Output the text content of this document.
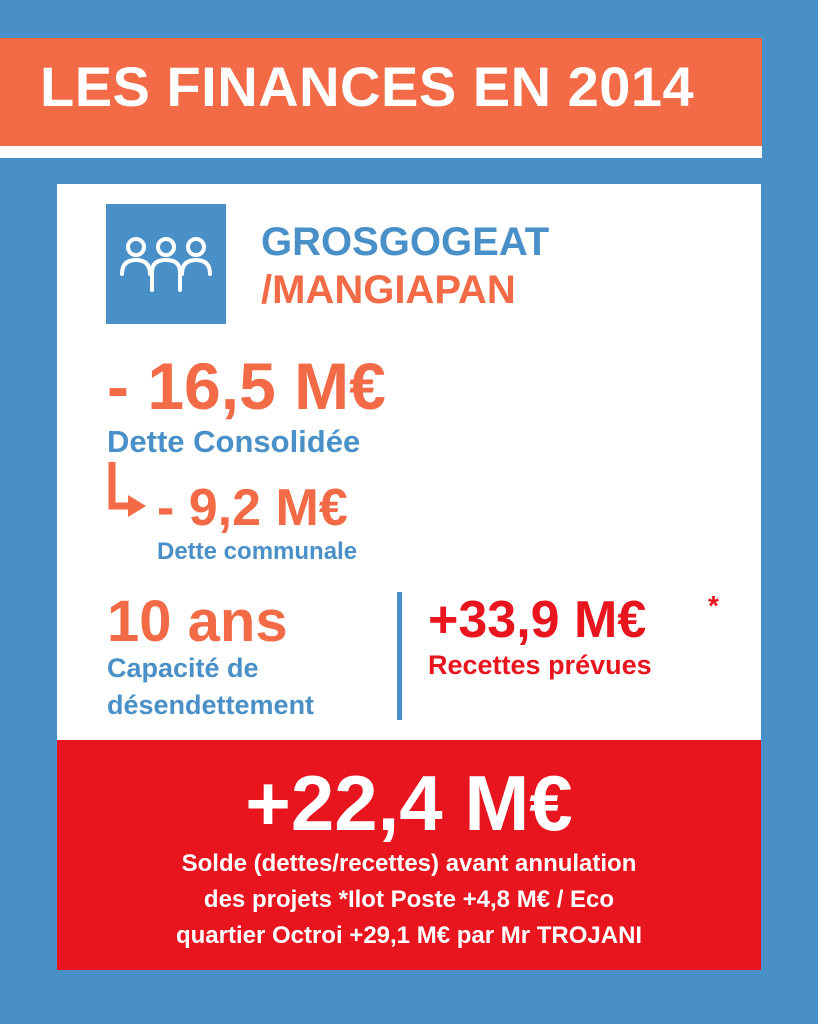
LES FINANCES EN 2014
GROSGOGEAT
/MANGIAPAN
- 16,5 M€
Dette Consolidée
- 9,2 M€
Dette communale
10 ans
Capacité de désendettement
+33,9 M€ *
Recettes prévues
+22,4 M€
Solde (dettes/recettes) avant annulation
des projets *Ilot Poste +4,8 M€ / Eco
quartier Octroi +29,1 M€ par Mr TROJANI
